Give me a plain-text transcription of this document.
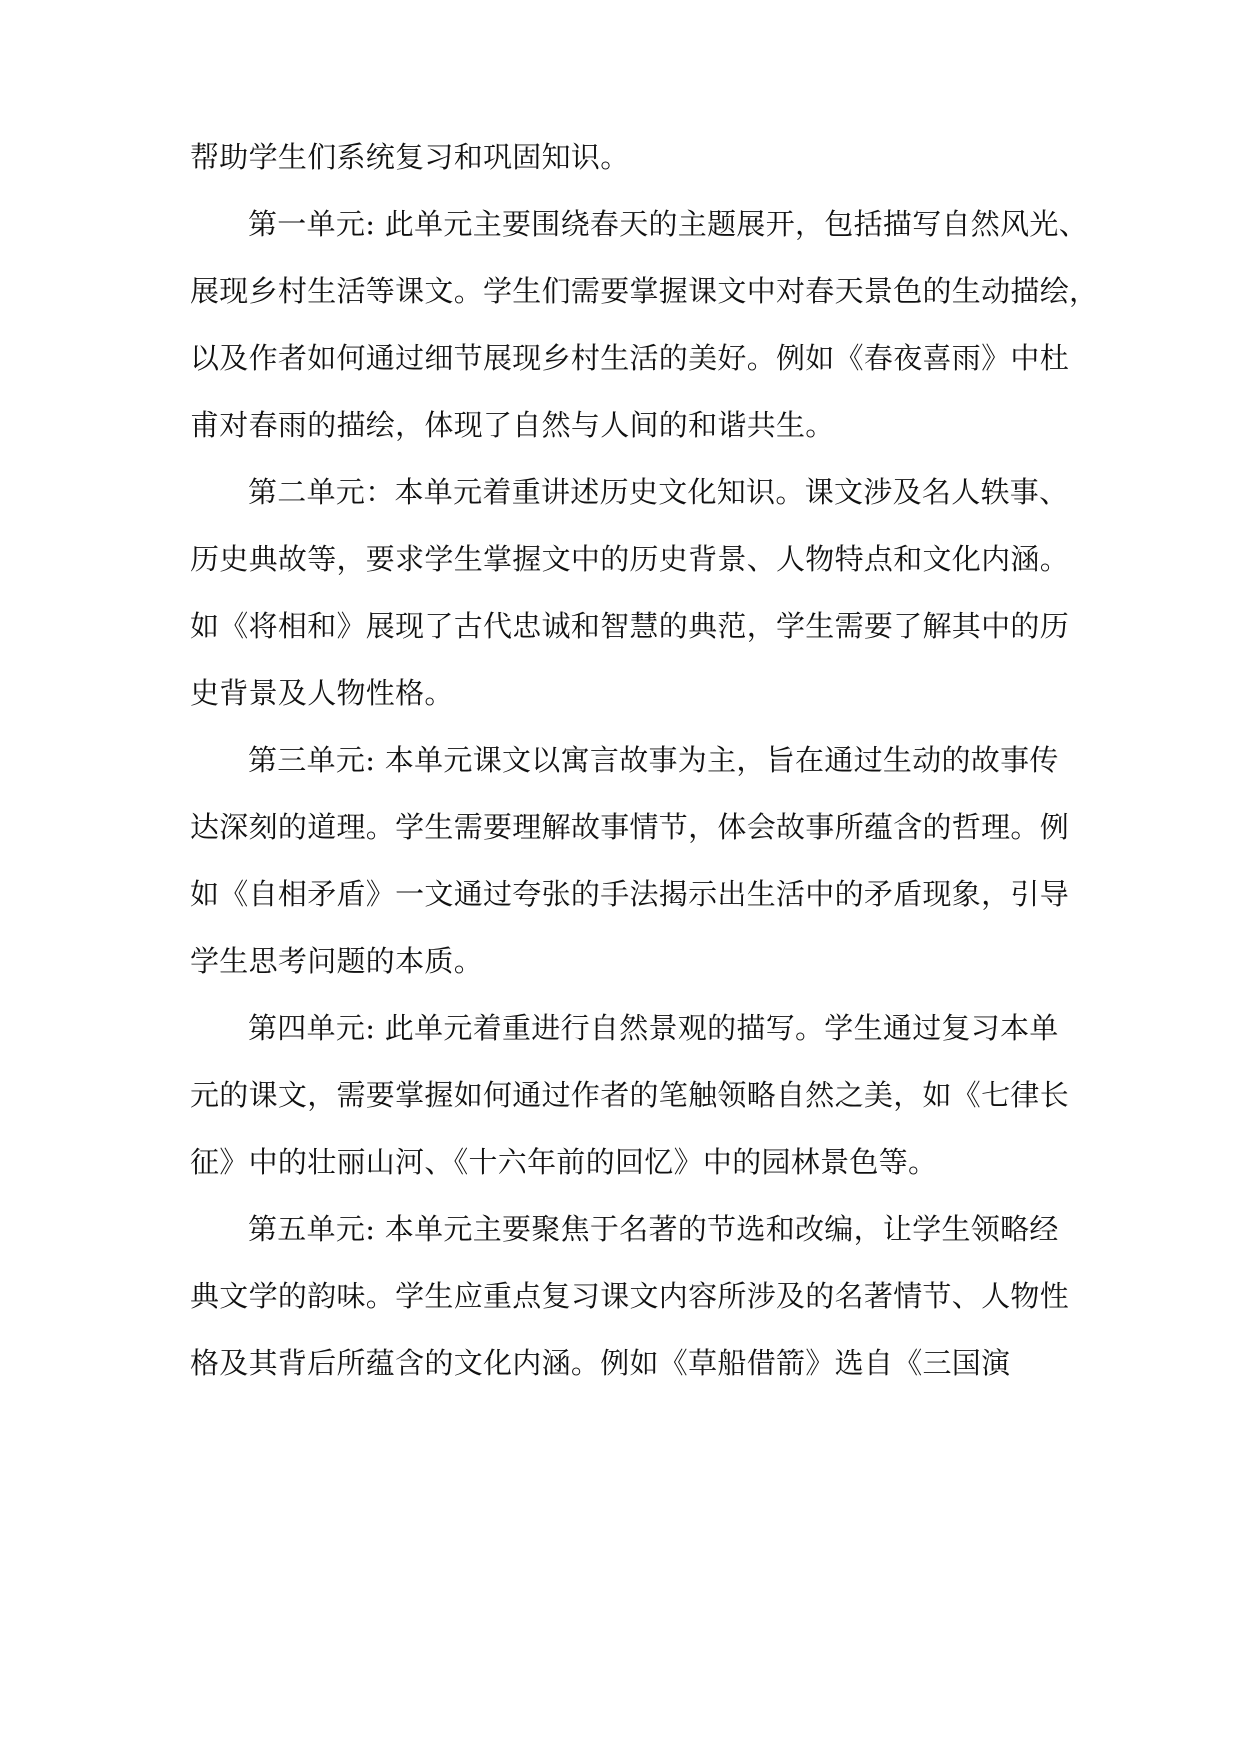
帮助学生们系统复习和巩固知识。
第一单元: 此单元主要围绕春天的主题展开，包括描写自然风光、
展现乡村生活等课文。学生们需要掌握课文中对春天景色的生动描绘，
以及作者如何通过细节展现乡村生活的美好。例如《春夜喜雨》中杜
甫对春雨的描绘，体现了自然与人间的和谐共生。
第二单元：本单元着重讲述历史文化知识。课文涉及名人轶事、
历史典故等，要求学生掌握文中的历史背景、人物特点和文化内涵。
如《将相和》展现了古代忠诚和智慧的典范，学生需要了解其中的历
史背景及人物性格。
第三单元: 本单元课文以寓言故事为主，旨在通过生动的故事传
达深刻的道理。学生需要理解故事情节，体会故事所蕴含的哲理。例
如《自相矛盾》一文通过夸张的手法揭示出生活中的矛盾现象，引导
学生思考问题的本质。
第四单元: 此单元着重进行自然景观的描写。学生通过复习本单
元的课文，需要掌握如何通过作者的笔触领略自然之美，如《七律长
征》中的壮丽山河、《十六年前的回忆》中的园林景色等。
第五单元: 本单元主要聚焦于名著的节选和改编，让学生领略经
典文学的韵味。学生应重点复习课文内容所涉及的名著情节、人物性
格及其背后所蕴含的文化内涵。例如《草船借箭》选自《三国演
